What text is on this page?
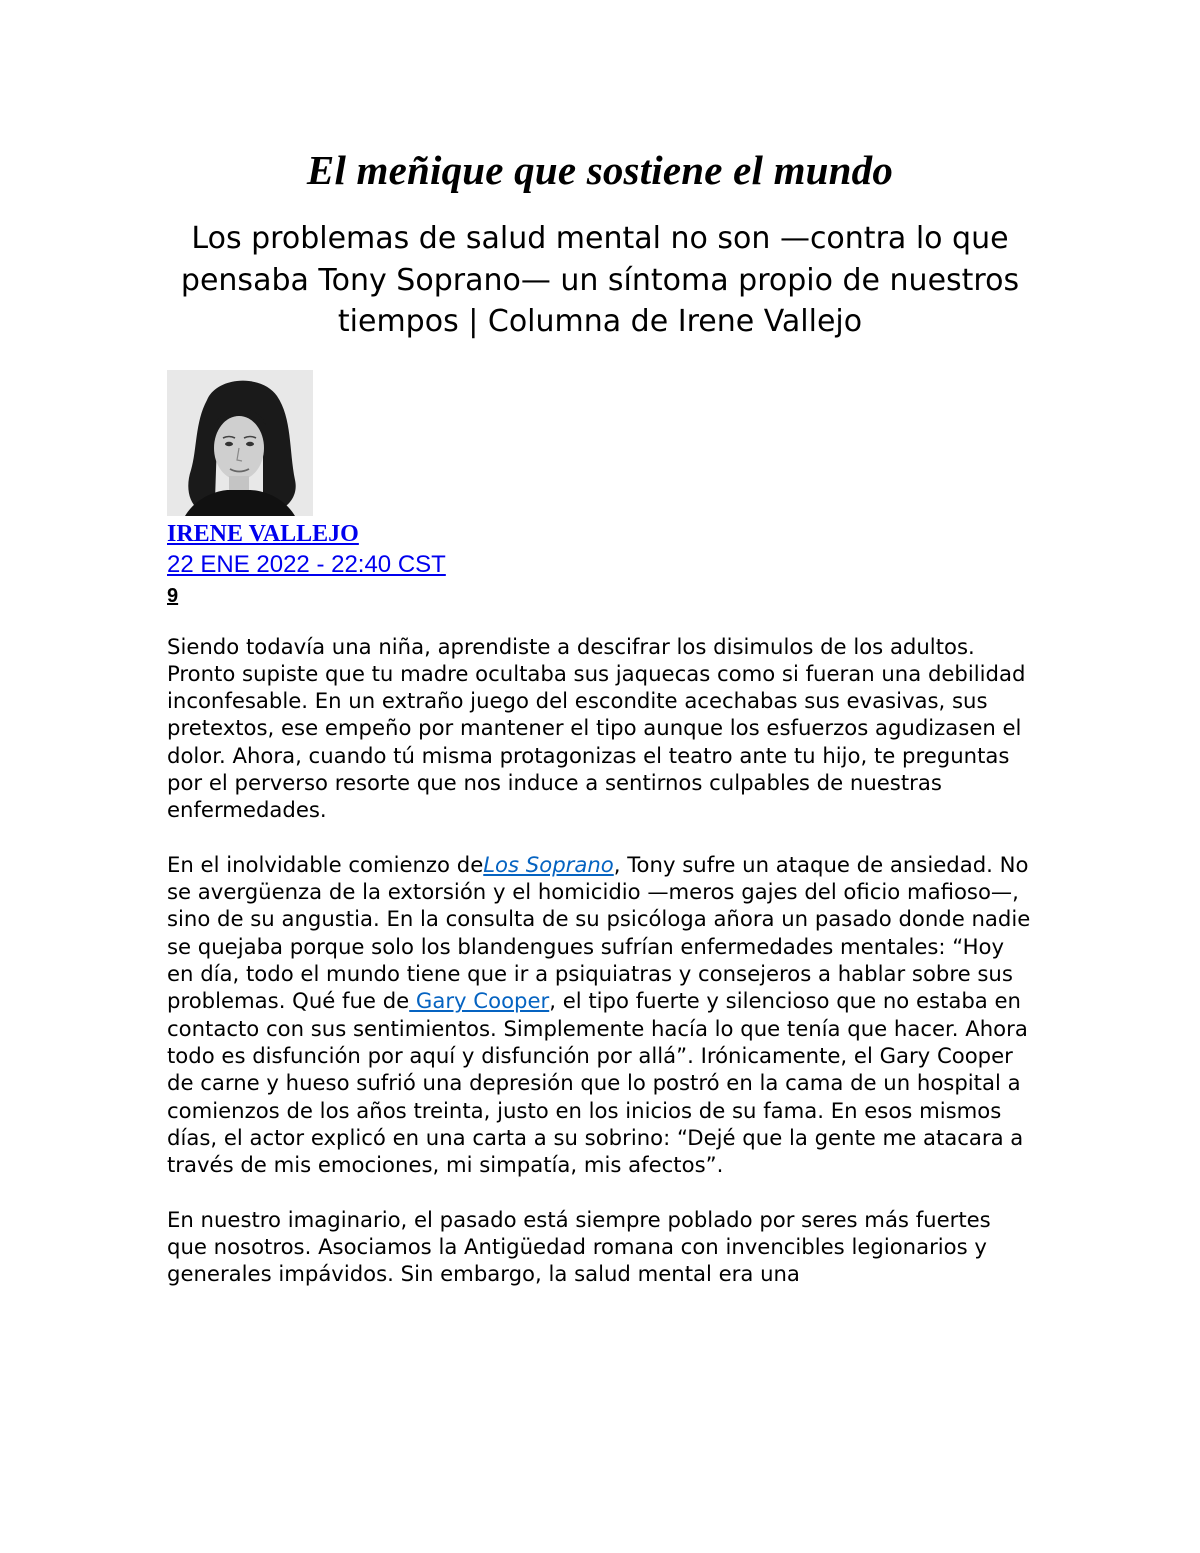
El meñique que sostiene el mundo
Los problemas de salud mental no son —contra lo que pensaba Tony Soprano— un síntoma propio de nuestros tiempos | Columna de Irene Vallejo
IRENE VALLEJO
22 ENE 2022 - 22:40 CST
9

Siendo todavía una niña, aprendiste a descifrar los disimulos de los adultos. Pronto supiste que tu madre ocultaba sus jaquecas como si fueran una debilidad inconfesable. En un extraño juego del escondite acechabas sus evasivas, sus pretextos, ese empeño por mantener el tipo aunque los esfuerzos agudizasen el dolor. Ahora, cuando tú misma protagonizas el teatro ante tu hijo, te preguntas por el perverso resorte que nos induce a sentirnos culpables de nuestras enfermedades.

En el inolvidable comienzo deLos Soprano, Tony sufre un ataque de ansiedad. No se avergüenza de la extorsión y el homicidio —meros gajes del oficio mafioso—, sino de su angustia. En la consulta de su psicóloga añora un pasado donde nadie se quejaba porque solo los blandengues sufrían enfermedades mentales: “Hoy en día, todo el mundo tiene que ir a psiquiatras y consejeros a hablar sobre sus problemas. Qué fue de Gary Cooper, el tipo fuerte y silencioso que no estaba en contacto con sus sentimientos. Simplemente hacía lo que tenía que hacer. Ahora todo es disfunción por aquí y disfunción por allá”. Irónicamente, el Gary Cooper de carne y hueso sufrió una depresión que lo postró en la cama de un hospital a comienzos de los años treinta, justo en los inicios de su fama. En esos mismos días, el actor explicó en una carta a su sobrino: “Dejé que la gente me atacara a través de mis emociones, mi simpatía, mis afectos”.

En nuestro imaginario, el pasado está siempre poblado por seres más fuertes que nosotros. Asociamos la Antigüedad romana con invencibles legionarios y generales impávidos. Sin embargo, la salud mental era una
